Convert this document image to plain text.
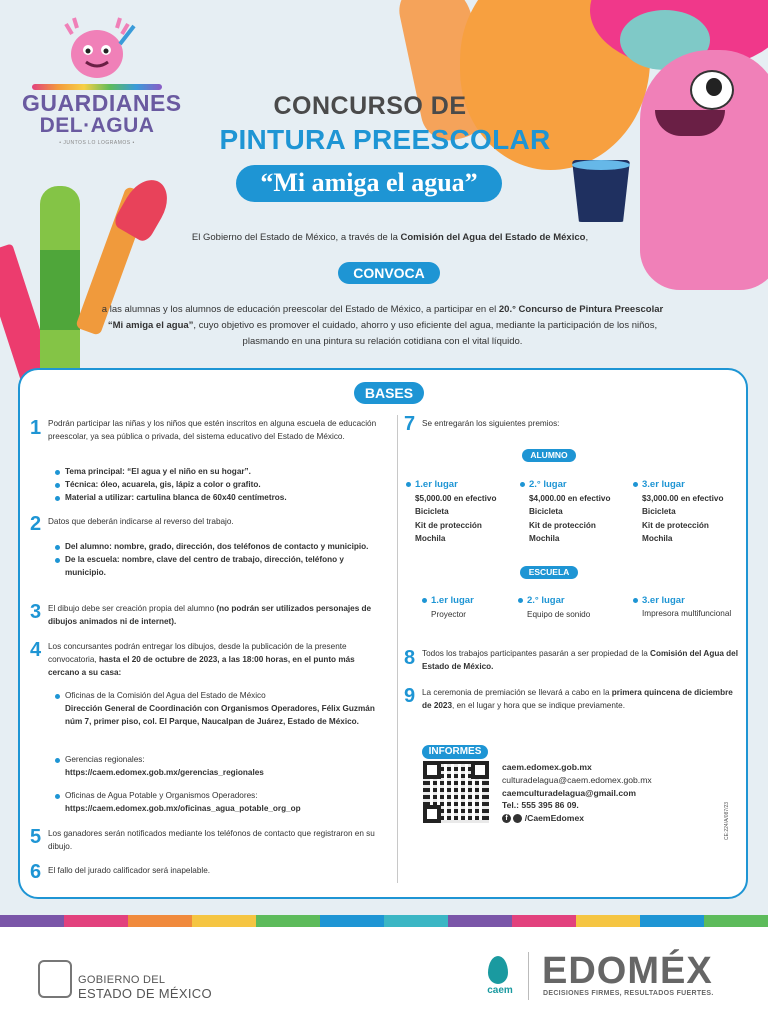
GUARDIANES
DEL·AGUA
• JUNTOS LO LOGRAMOS •
CONCURSO DE
PINTURA PREESCOLAR
“Mi amiga el agua”
El Gobierno del Estado de México, a través de la Comisión del Agua del Estado de México,
CONVOCA
a las alumnas y los alumnos de educación preescolar del Estado de México, a participar en el 20.° Concurso de Pintura Preescolar “Mi amiga el agua”, cuyo objetivo es promover el cuidado, ahorro y uso eficiente del agua, mediante la participación de los niños, plasmando en una pintura su relación cotidiana con el vital líquido.
BASES
1 Podrán participar las niñas y los niños que estén inscritos en alguna escuela de educación preescolar, ya sea pública o privada, del sistema educativo del Estado de México.
Tema principal: “El agua y el niño en su hogar”.
Técnica: óleo, acuarela, gis, lápiz a color o grafito.
Material a utilizar: cartulina blanca de 60x40 centímetros.
2 Datos que deberán indicarse al reverso del trabajo.
Del alumno: nombre, grado, dirección, dos teléfonos de contacto y municipio.
De la escuela: nombre, clave del centro de trabajo, dirección, teléfono y municipio.
3 El dibujo debe ser creación propia del alumno (no podrán ser utilizados personajes de dibujos animados ni de internet).
4 Los concursantes podrán entregar los dibujos, desde la publicación de la presente convocatoria, hasta el 20 de octubre de 2023, a las 18:00 horas, en el punto más cercano a su casa:
Oficinas de la Comisión del Agua del Estado de México
Dirección General de Coordinación con Organismos Operadores, Félix Guzmán núm 7, primer piso, col. El Parque, Naucalpan de Juárez, Estado de México.
Gerencias regionales:
https://caem.edomex.gob.mx/gerencias_regionales
Oficinas de Agua Potable y Organismos Operadores:
https://caem.edomex.gob.mx/oficinas_agua_potable_org_op
5 Los ganadores serán notificados mediante los teléfonos de contacto que registraron en su dibujo.
6 El fallo del jurado calificador será inapelable.
7 Se entregarán los siguientes premios:
ALUMNO
1.er lugar
$5,000.00 en efectivo
Bicicleta
Kit de protección
Mochila
2.° lugar
$4,000.00 en efectivo
Bicicleta
Kit de protección
Mochila
3.er lugar
$3,000.00 en efectivo
Bicicleta
Kit de protección
Mochila
ESCUELA
1.er lugar
Proyector
2.° lugar
Equipo de sonido
3.er lugar
Impresora multifuncional
8 Todos los trabajos participantes pasarán a ser propiedad de la Comisión del Agua del Estado de México.
9 La ceremonia de premiación se llevará a cabo en la primera quincena de diciembre de 2023, en el lugar y hora que se indique previamente.
INFORMES
caem.edomex.gob.mx
culturadelagua@caem.edomex.gob.mx
caemculturadelagua@gmail.com
Tel.: 555 395 86 09.
f /CaemEdomex	CE:224/A/087/23
GOBIERNO DEL
ESTADO DE MÉXICO	caem EDOMÉX
DECISIONES FIRMES, RESULTADOS FUERTES.
